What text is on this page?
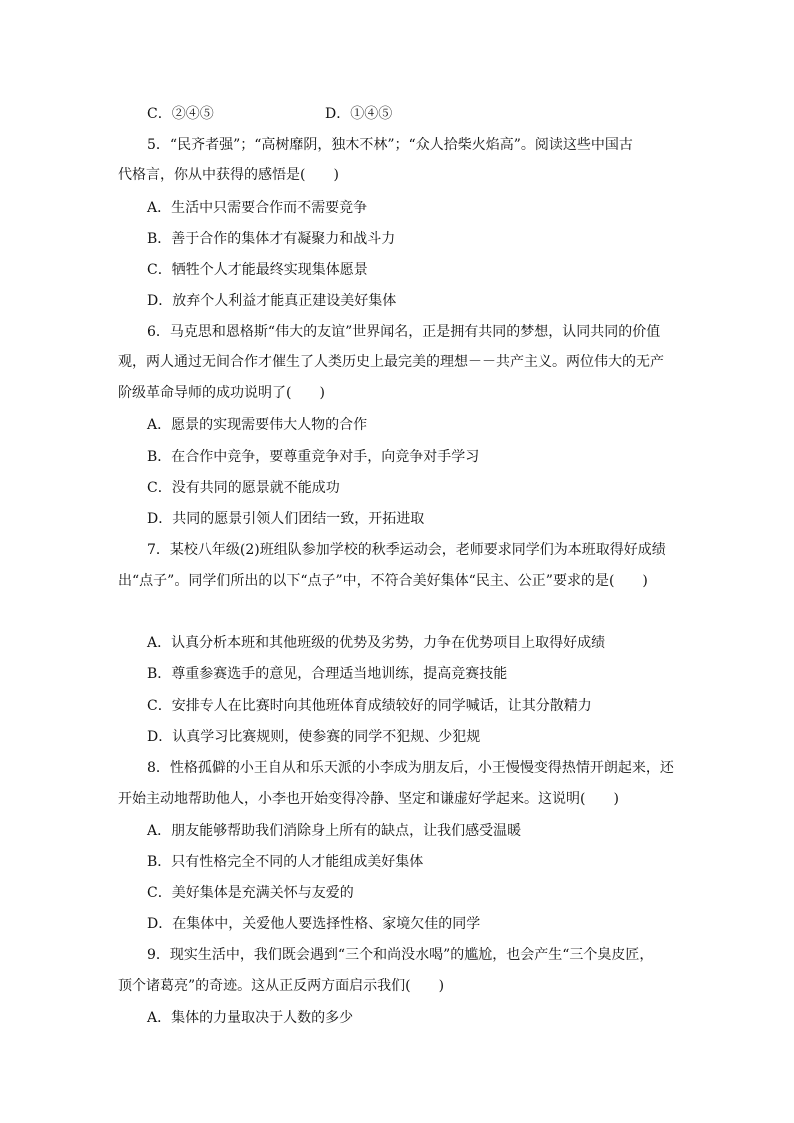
C．②④⑤	D．①④⑤
5．“民齐者强”；“高树靡阴，独木不林”；“众人拾柴火焰高”。阅读这些中国古
代格言，你从中获得的感悟是(　　)
A．生活中只需要合作而不需要竞争
B．善于合作的集体才有凝聚力和战斗力
C．牺牲个人才能最终实现集体愿景
D．放弃个人利益才能真正建设美好集体
6．马克思和恩格斯“伟大的友谊”世界闻名，正是拥有共同的梦想，认同共同的价值
观，两人通过无间合作才催生了人类历史上最完美的理想－－共产主义。两位伟大的无产
阶级革命导师的成功说明了(　　)
A．愿景的实现需要伟大人物的合作
B．在合作中竞争，要尊重竞争对手，向竞争对手学习
C．没有共同的愿景就不能成功
D．共同的愿景引领人们团结一致，开拓进取
7．某校八年级(2)班组队参加学校的秋季运动会，老师要求同学们为本班取得好成绩
出“点子”。同学们所出的以下“点子”中，不符合美好集体“民主、公正”要求的是(　　)
A．认真分析本班和其他班级的优势及劣势，力争在优势项目上取得好成绩
B．尊重参赛选手的意见，合理适当地训练，提高竞赛技能
C．安排专人在比赛时向其他班体育成绩较好的同学喊话，让其分散精力
D．认真学习比赛规则，使参赛的同学不犯规、少犯规
8．性格孤僻的小王自从和乐天派的小李成为朋友后，小王慢慢变得热情开朗起来，还
开始主动地帮助他人，小李也开始变得冷静、坚定和谦虚好学起来。这说明(　　)
A．朋友能够帮助我们消除身上所有的缺点，让我们感受温暖
B．只有性格完全不同的人才能组成美好集体
C．美好集体是充满关怀与友爱的
D．在集体中，关爱他人要选择性格、家境欠佳的同学
9．现实生活中，我们既会遇到“三个和尚没水喝”的尴尬，也会产生“三个臭皮匠，
顶个诸葛亮”的奇迹。这从正反两方面启示我们(　　)
A．集体的力量取决于人数的多少
